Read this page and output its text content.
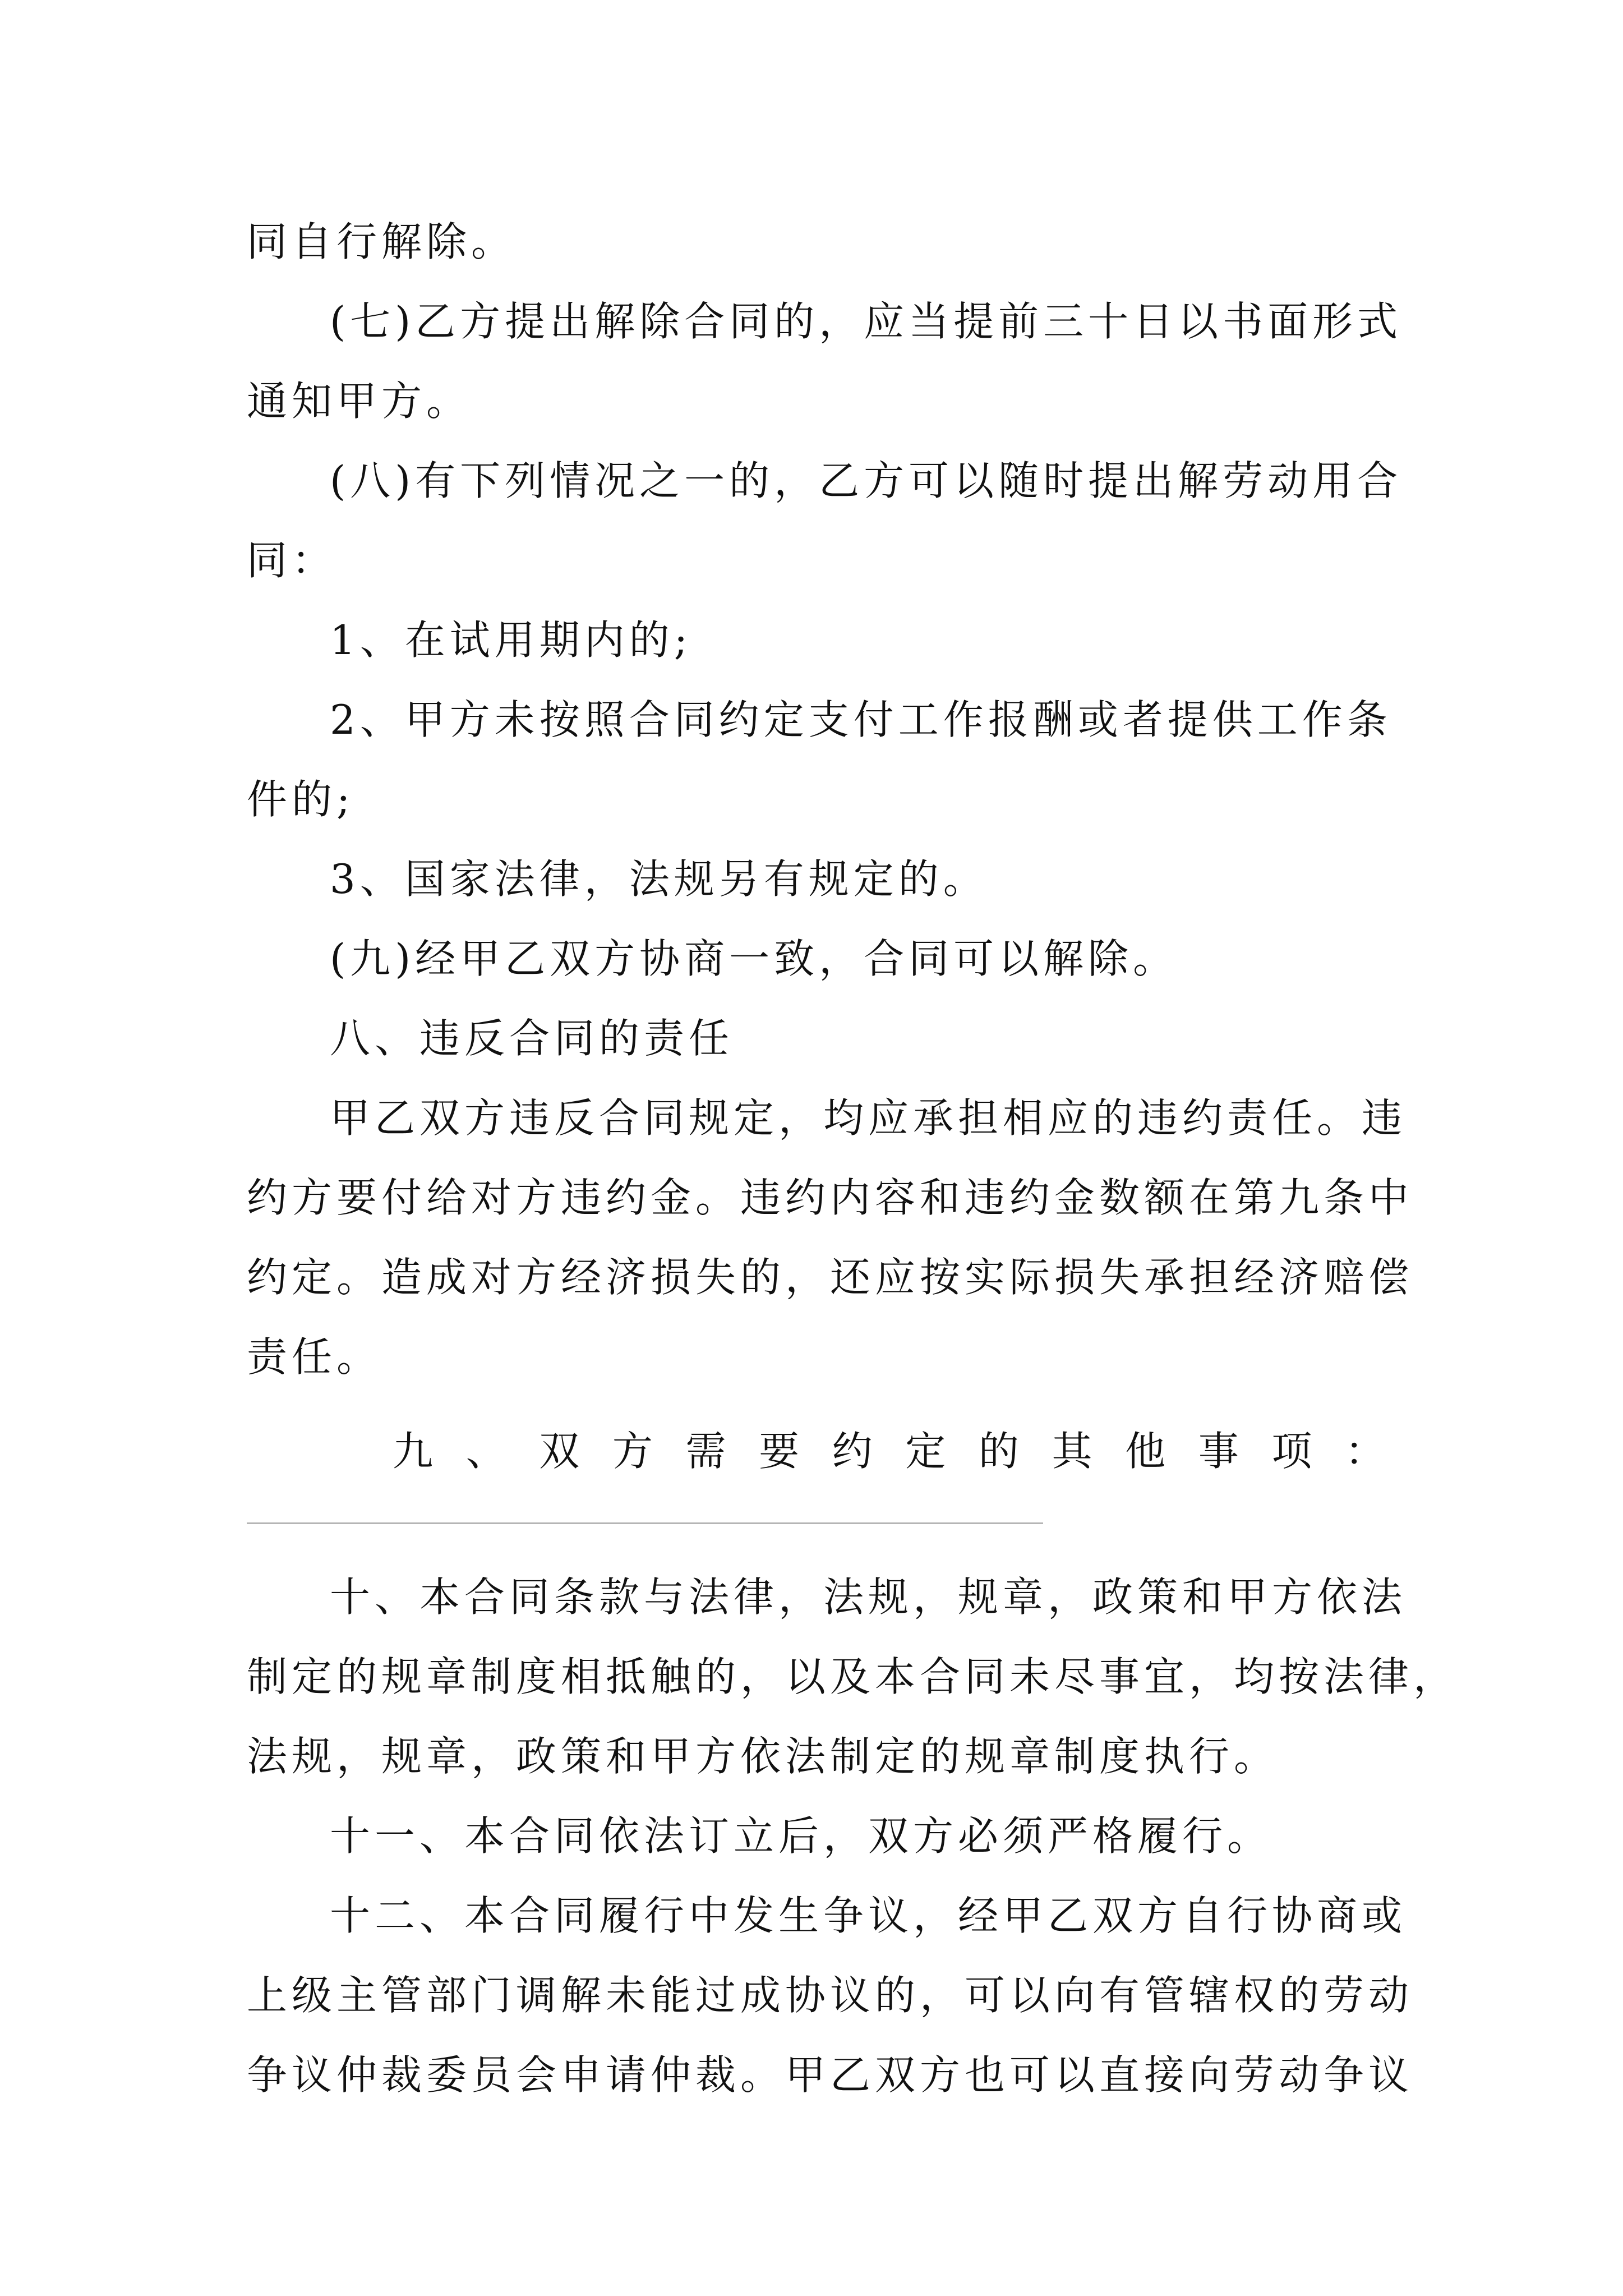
同自行解除。
(七)乙方提出解除合同的，应当提前三十日以书面形式
通知甲方。
(八)有下列情况之一的，乙方可以随时提出解劳动用合
同：
1、在试用期内的;
2、甲方未按照合同约定支付工作报酬或者提供工作条
件的;
3、国家法律，法规另有规定的。
(九)经甲乙双方协商一致，合同可以解除。
八、违反合同的责任
甲乙双方违反合同规定，均应承担相应的违约责任。违
约方要付给对方违约金。违约内容和违约金数额在第九条中
约定。造成对方经济损失的，还应按实际损失承担经济赔偿
责任。
九、双方需要约定的其他事项：
十、本合同条款与法律，法规，规章，政策和甲方依法
制定的规章制度相抵触的，以及本合同未尽事宜，均按法律，
法规，规章，政策和甲方依法制定的规章制度执行。
十一、本合同依法订立后，双方必须严格履行。
十二、本合同履行中发生争议，经甲乙双方自行协商或
上级主管部门调解未能过成协议的，可以向有管辖权的劳动
争议仲裁委员会申请仲裁。甲乙双方也可以直接向劳动争议
